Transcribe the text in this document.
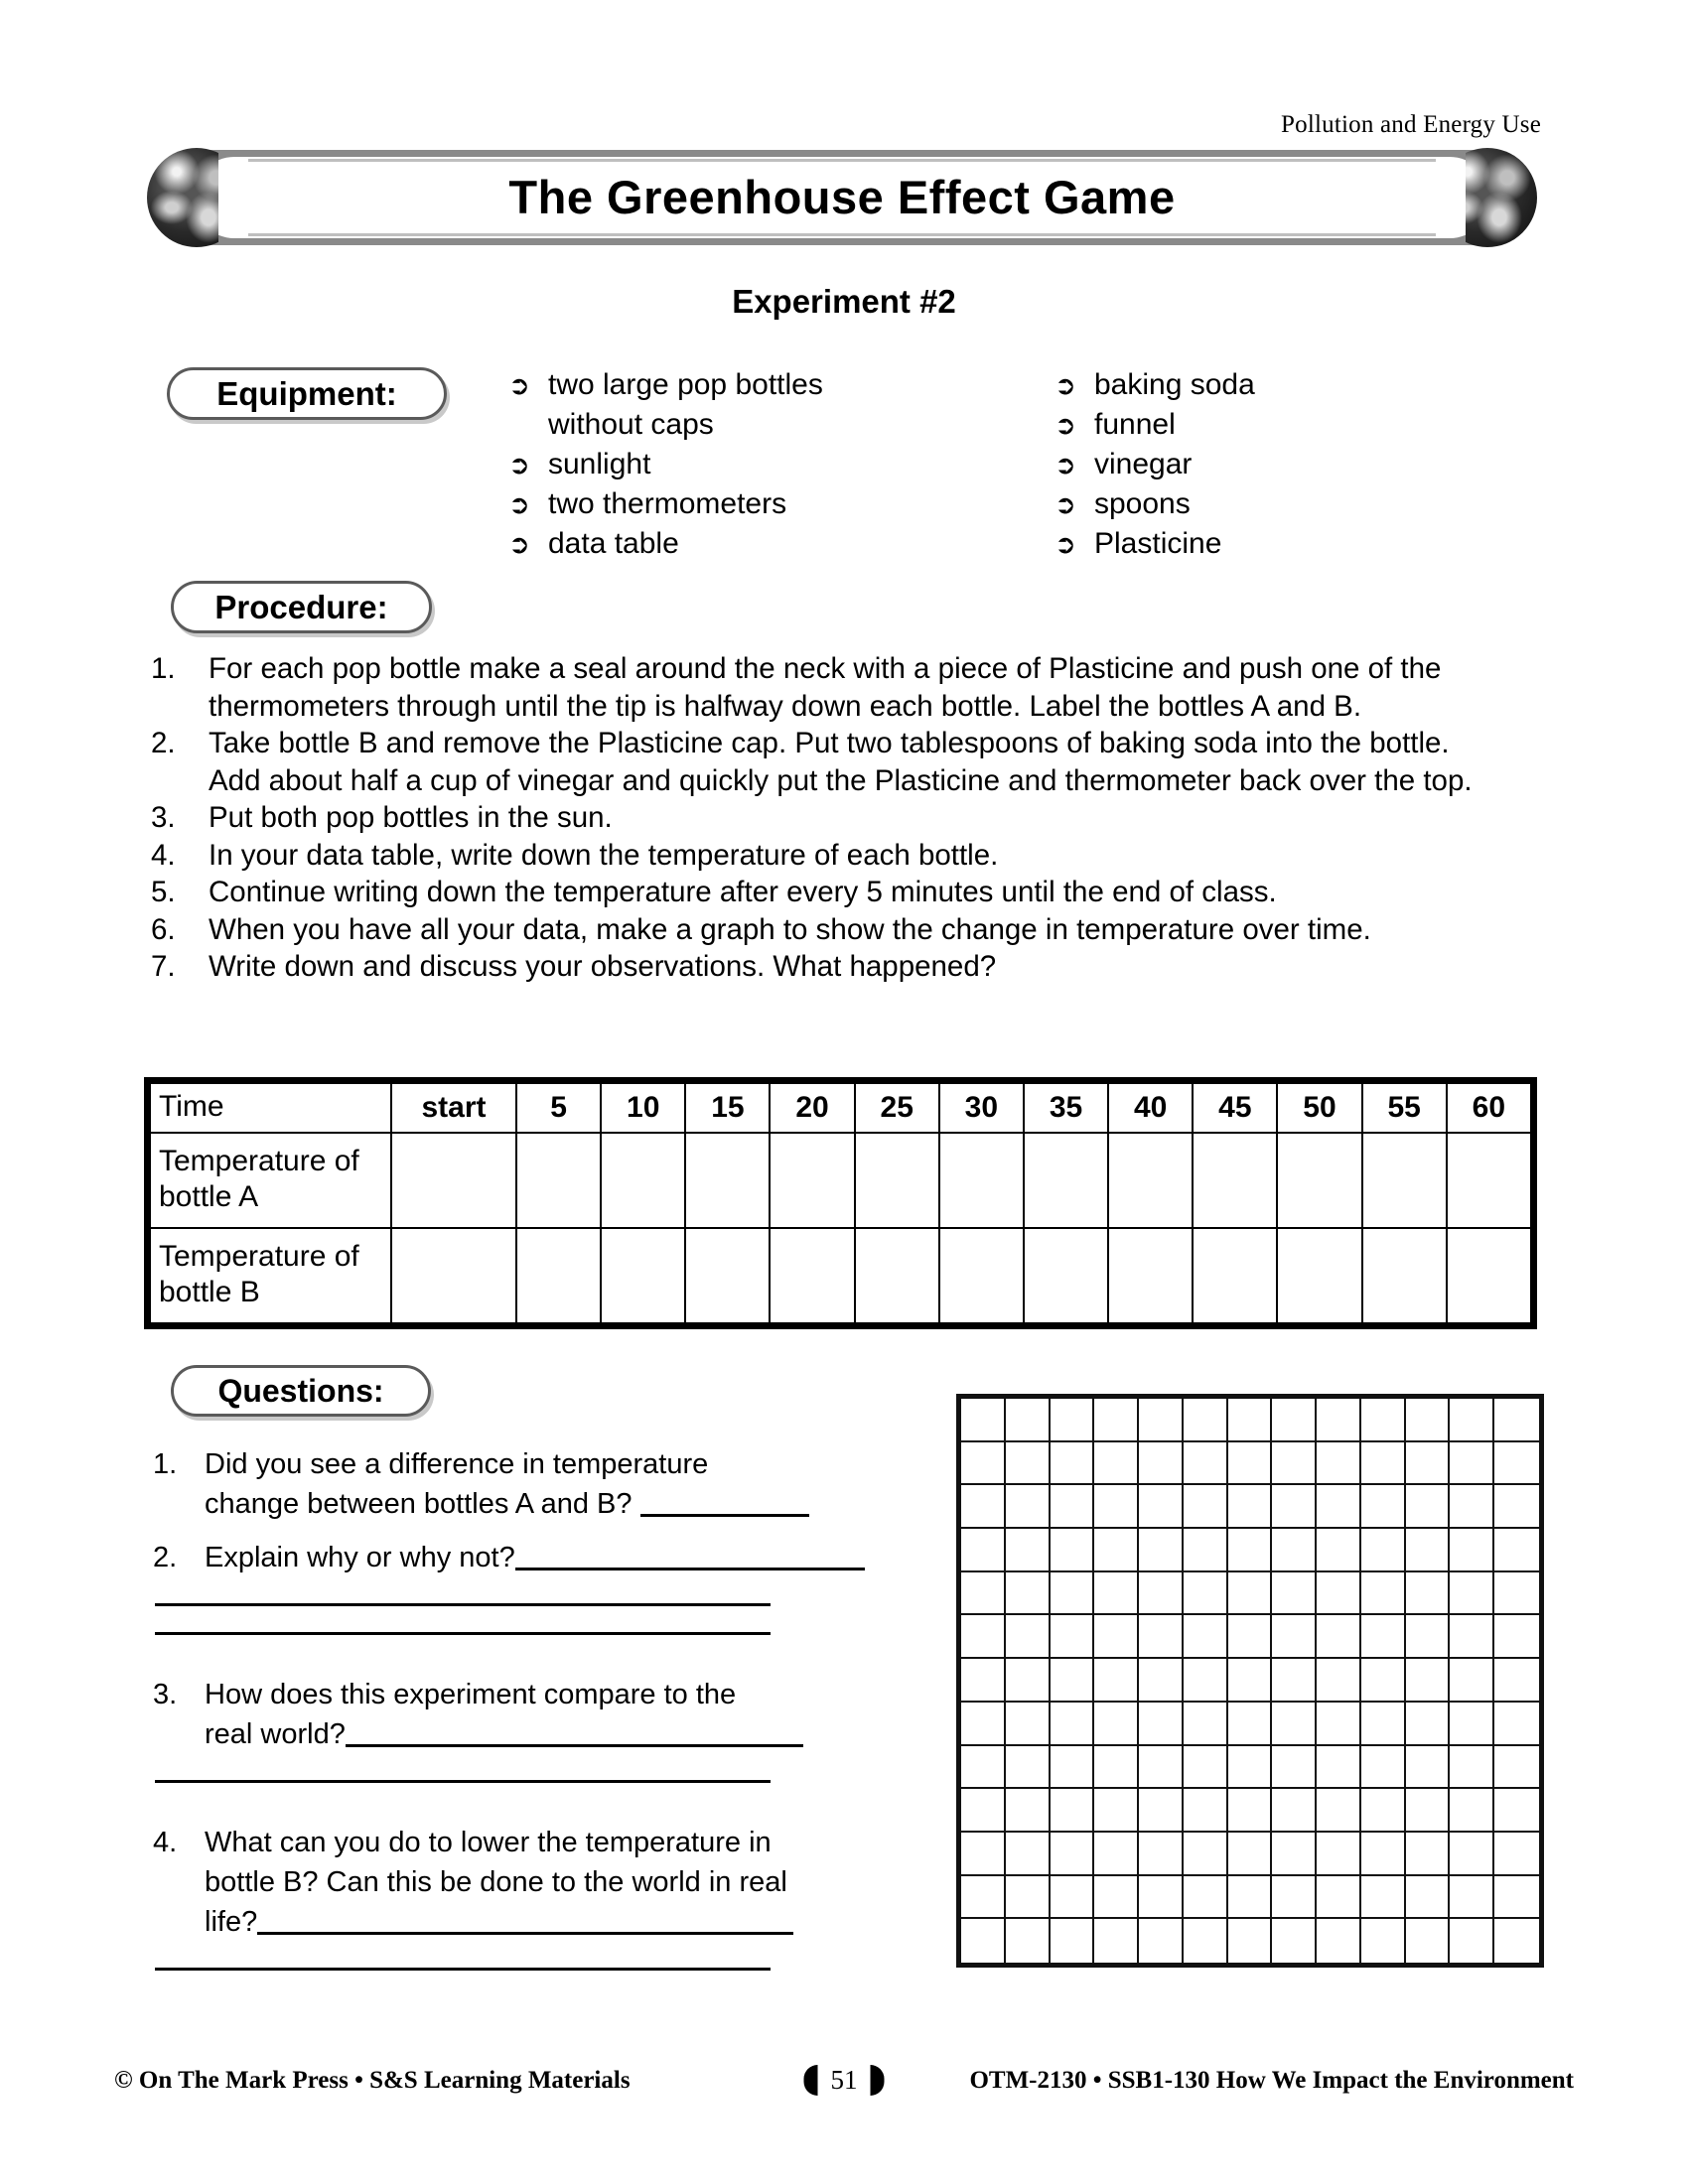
Pollution and Energy Use
The Greenhouse Effect Game
Experiment #2
Equipment:	➲ two large pop bottles
without caps
➲ sunlight
➲ two thermometers
➲ data table
➲ baking soda
➲ funnel
➲ vinegar
➲ spoons
➲ Plasticine
Procedure:
1.	For each pop bottle make a seal around the neck with a piece of Plasticine and push one of the thermometers through until the tip is halfway down each bottle. Label the bottles A and B.
2.	Take bottle B and remove the Plasticine cap. Put two tablespoons of baking soda into the bottle. Add about half a cup of vinegar and quickly put the Plasticine and thermometer back over the top.
3.	Put both pop bottles in the sun.
4.	In your data table, write down the temperature of each bottle.
5.	Continue writing down the temperature after every 5 minutes until the end of class.
6.	When you have all your data, make a graph to show the change in temperature over time.
7.	Write down and discuss your observations. What happened?
Time	start	5	10	15	20	25	30	35	40	45	50	55	60
Temperature of bottle A													
Temperature of bottle B													
Questions:
1. Did you see a difference in temperature
change between bottles A and B?
2. Explain why or why not?
3. How does this experiment compare to the
real world?
4. What can you do to lower the temperature in
bottle B? Can this be done to the world in real
life?
© On The Mark Press • S&S Learning Materials	51	OTM-2130 • SSB1-130 How We Impact the Environment
